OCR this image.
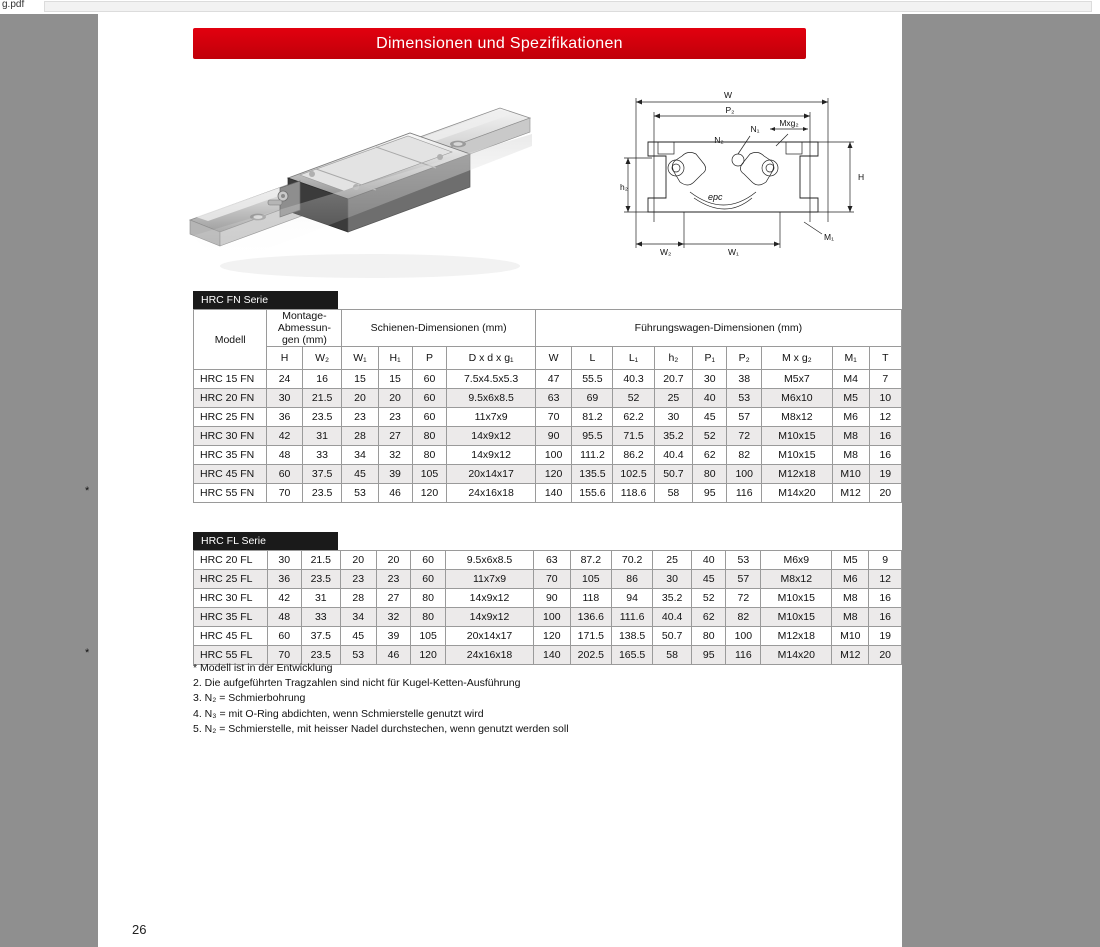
g.pdf
Dimensionen und Spezifikationen
W
P₂
Mxg₂
N₁
N₂
H
h₂
M₁
W₂	W₁
epc
HRC FN Serie
Modell	Montage-
Abmessun-
gen (mm)		Schienen-Dimensionen (mm)				Führungswagen-Dimensionen (mm)								
	H	W₂	W₁	H₁	P	D x d x g₁	W	L	L₁	h₂	P₁	P₂	M x g₂	M₁	T
HRC 15 FN	24	16	15	15	60	7.5x4.5x5.3	47	55.5	40.3	20.7	30	38	M5x7	M4	7
HRC 20 FN	30	21.5	20	20	60	9.5x6x8.5	63	69	52	25	40	53	M6x10	M5	10
HRC 25 FN	36	23.5	23	23	60	11x7x9	70	81.2	62.2	30	45	57	M8x12	M6	12
HRC 30 FN	42	31	28	27	80	14x9x12	90	95.5	71.5	35.2	52	72	M10x15	M8	16
HRC 35 FN	48	33	34	32	80	14x9x12	100	111.2	86.2	40.4	62	82	M10x15	M8	16
HRC 45 FN	60	37.5	45	39	105	20x14x17	120	135.5	102.5	50.7	80	100	M12x18	M10	19
HRC 55 FN	70	23.5	53	46	120	24x16x18	140	155.6	118.6	58	95	116	M14x20	M12	20
HRC FL Serie
HRC 20 FL	30	21.5	20	20	60	9.5x6x8.5	63	87.2	70.2	25	40	53	M6x9	M5	9
HRC 25 FL	36	23.5	23	23	60	11x7x9	70	105	86	30	45	57	M8x12	M6	12
HRC 30 FL	42	31	28	27	80	14x9x12	90	118	94	35.2	52	72	M10x15	M8	16
HRC 35 FL	48	33	34	32	80	14x9x12	100	136.6	111.6	40.4	62	82	M10x15	M8	16
HRC 45 FL	60	37.5	45	39	105	20x14x17	120	171.5	138.5	50.7	80	100	M12x18	M10	19
HRC 55 FL	70	23.5	53	46	120	24x16x18	140	202.5	165.5	58	95	116	M14x20	M12	20
* Modell ist in der Entwicklung
2. Die aufgeführten Tragzahlen sind nicht für Kugel-Ketten-Ausführung
3. N₂ = Schmierbohrung
4. N₃ = mit O-Ring abdichten, wenn Schmierstelle genutzt wird
5. N₂ = Schmierstelle, mit heisser Nadel durchstechen, wenn genutzt werden soll
26
*
*
